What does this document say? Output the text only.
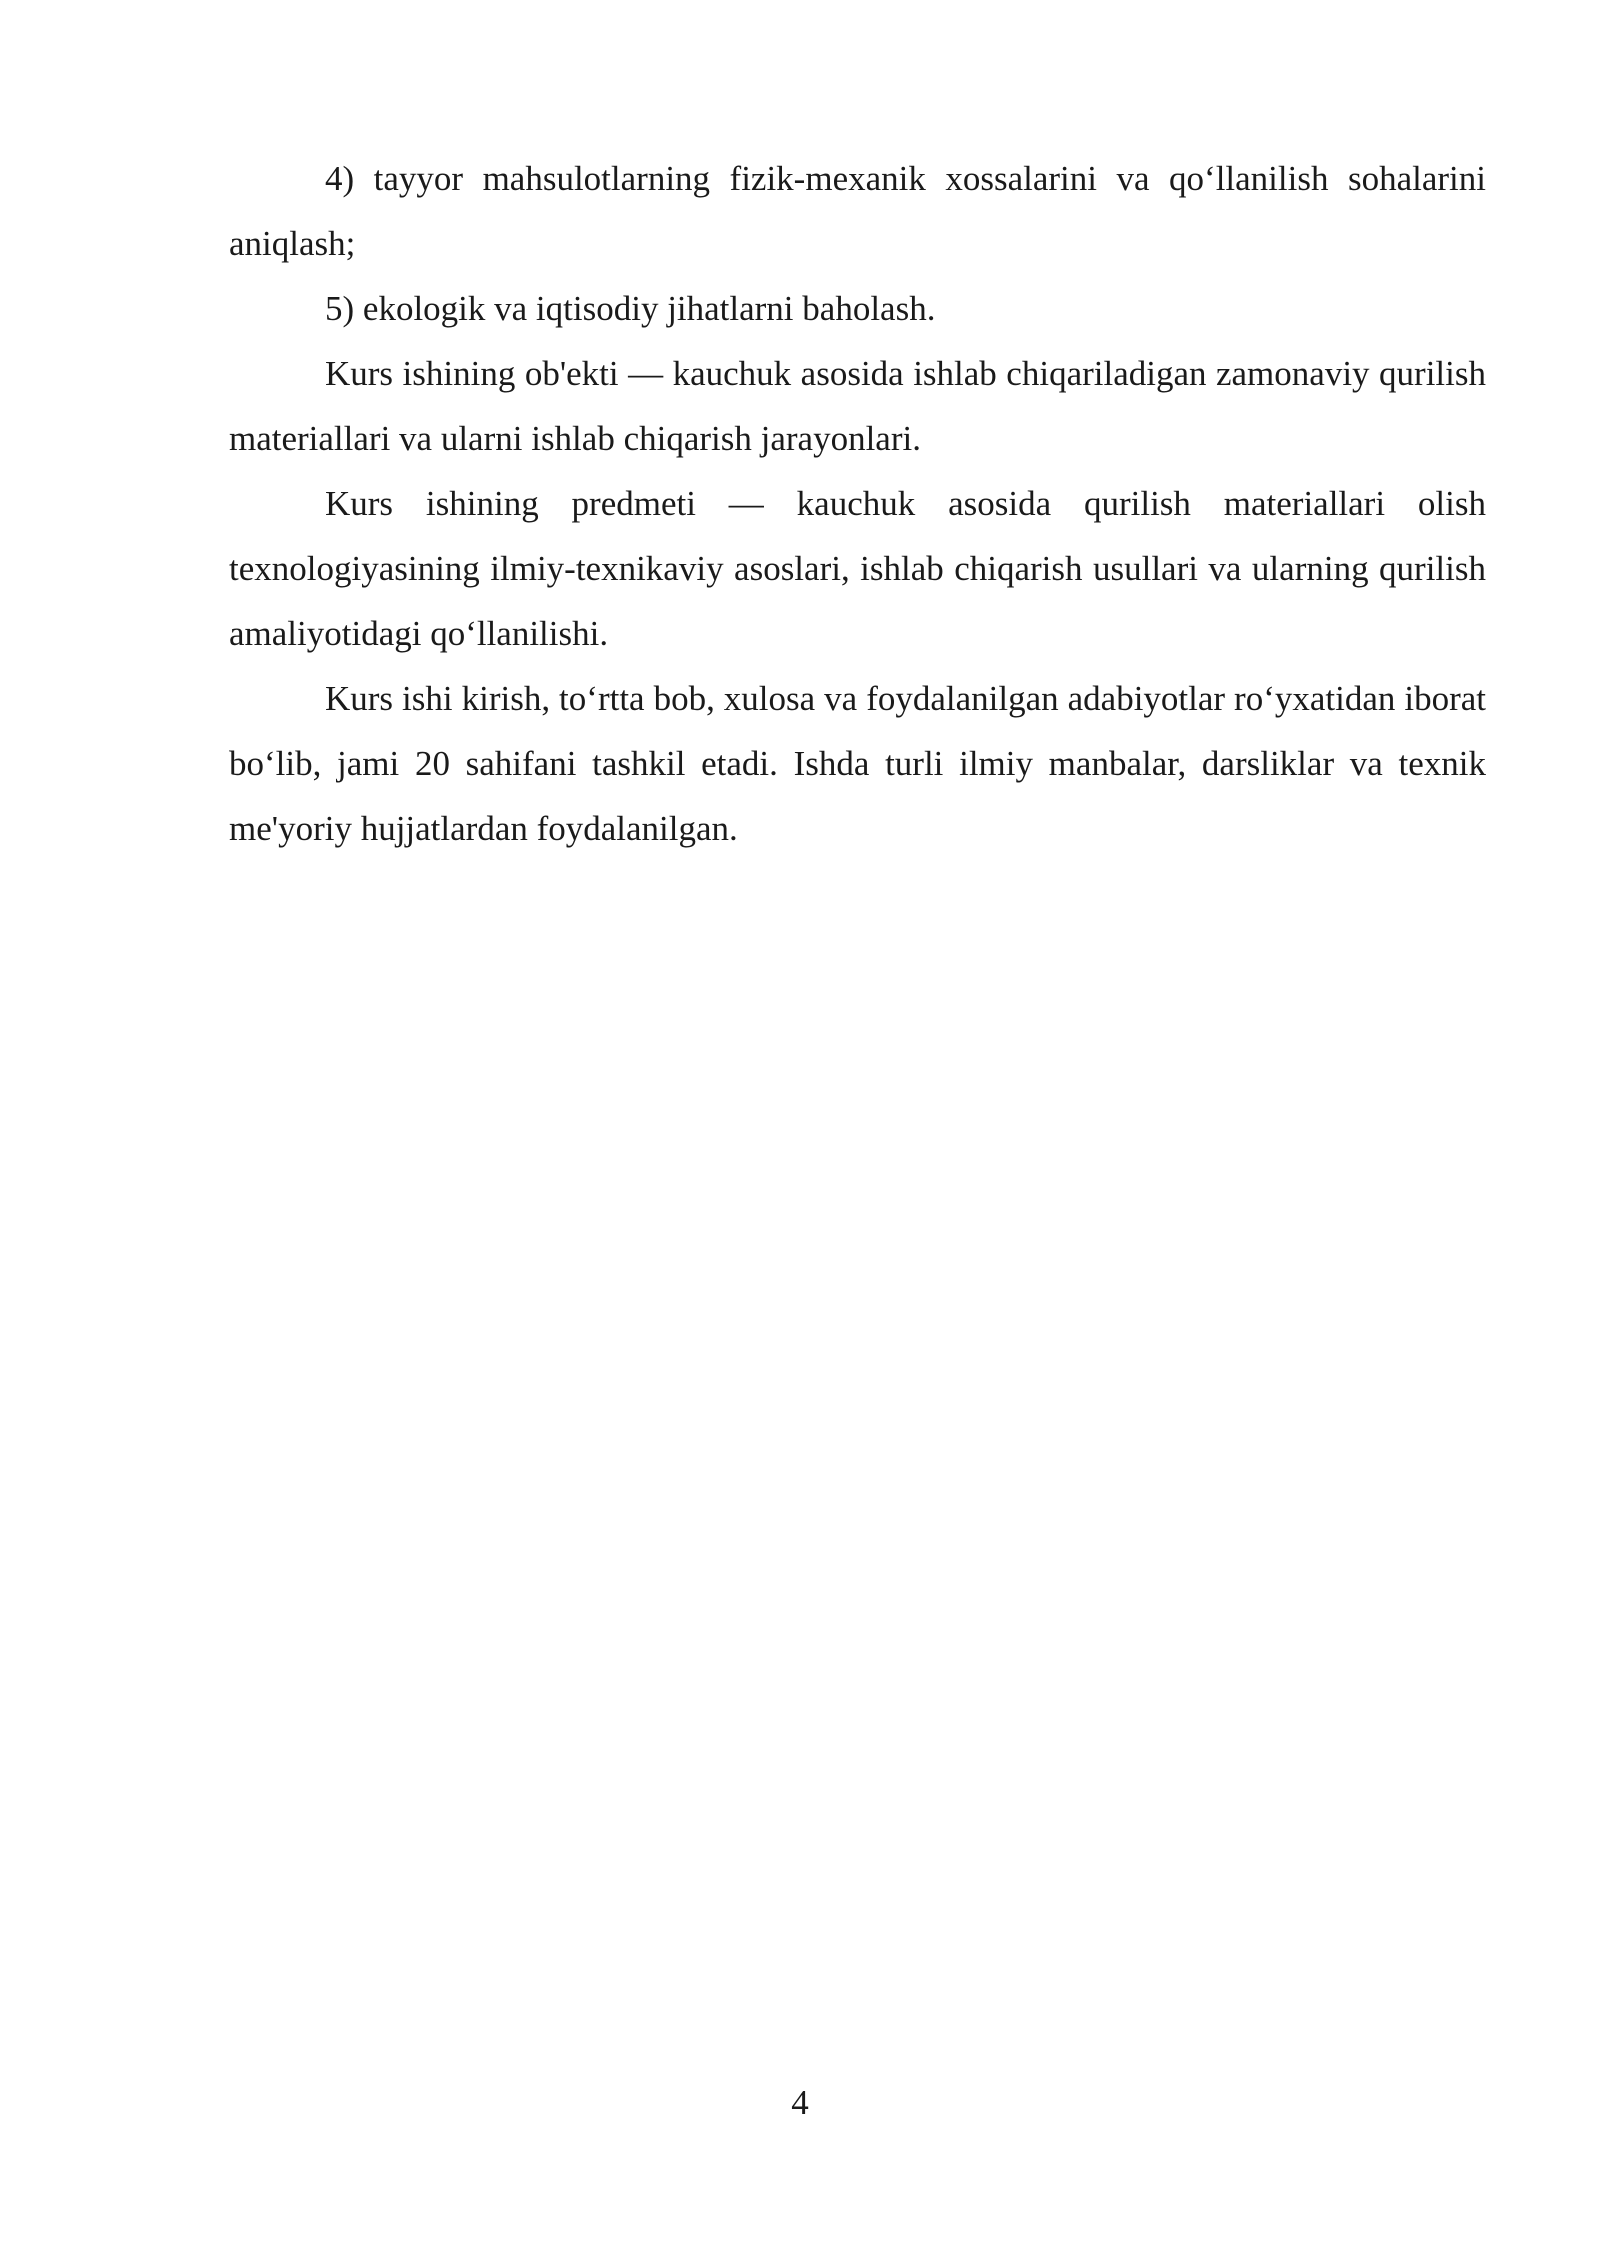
4) tayyor mahsulotlarning fizik-mexanik xossalarini va qo‘llanilish sohalarini aniqlash;

5) ekologik va iqtisodiy jihatlarni baholash.

Kurs ishining ob'ekti — kauchuk asosida ishlab chiqariladigan zamonaviy qurilish materiallari va ularni ishlab chiqarish jarayonlari.

Kurs ishining predmeti — kauchuk asosida qurilish materiallari olish texnologiyasining ilmiy-texnikaviy asoslari, ishlab chiqarish usullari va ularning qurilish amaliyotidagi qo‘llanilishi.

Kurs ishi kirish, to‘rtta bob, xulosa va foydalanilgan adabiyotlar ro‘yxatidan iborat bo‘lib, jami 20 sahifani tashkil etadi. Ishda turli ilmiy manbalar, darsliklar va texnik me'yoriy hujjatlardan foydalanilgan.

4
